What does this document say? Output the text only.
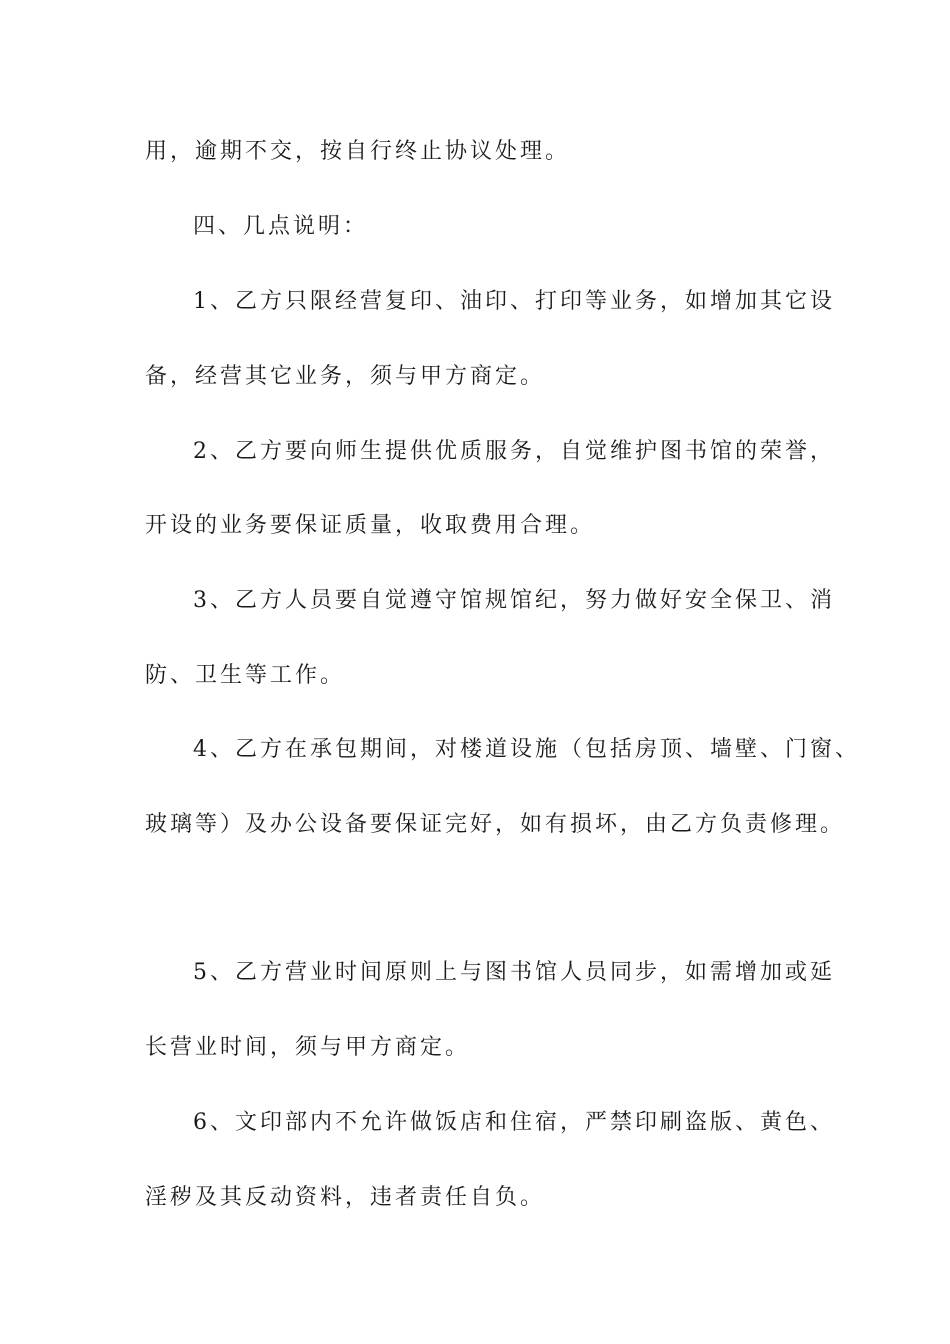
用，逾期不交，按自行终止协议处理。
四、几点说明：
1、乙方只限经营复印、油印、打印等业务，如增加其它设
备，经营其它业务，须与甲方商定。
2、乙方要向师生提供优质服务，自觉维护图书馆的荣誉，
开设的业务要保证质量，收取费用合理。
3、乙方人员要自觉遵守馆规馆纪，努力做好安全保卫、消
防、卫生等工作。
4、乙方在承包期间，对楼道设施（包括房顶、墙壁、门窗、
玻璃等）及办公设备要保证完好，如有损坏，由乙方负责修理。
5、乙方营业时间原则上与图书馆人员同步，如需增加或延
长营业时间，须与甲方商定。
6、文印部内不允许做饭店和住宿，严禁印刷盗版、黄色、
淫秽及其反动资料，违者责任自负。
